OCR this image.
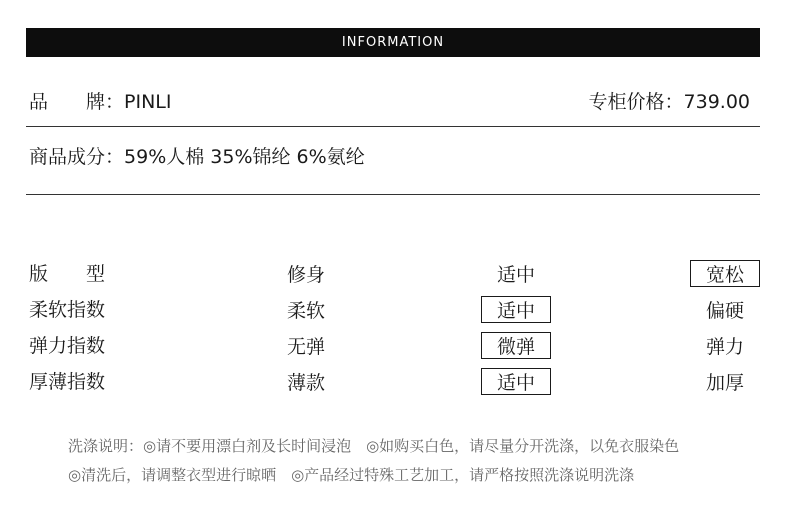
INFORMATION
品　　牌：PINLI	专柜价格：739.00
商品成分：59%人棉 35%锦纶 6%氨纶
版　　型	修身	适中	宽松
柔软指数	柔软	适中	偏硬
弹力指数	无弹	微弹	弹力
厚薄指数	薄款	适中	加厚
洗涤说明：◎请不要用漂白剂及长时间浸泡　◎如购买白色，请尽量分开洗涤，以免衣服染色
◎清洗后，请调整衣型进行晾晒　◎产品经过特殊工艺加工，请严格按照洗涤说明洗涤
